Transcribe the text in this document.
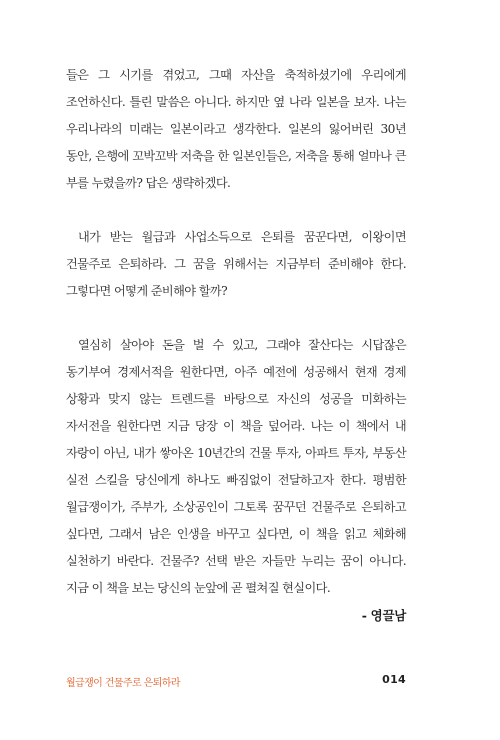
들은 그 시기를 겪었고, 그때 자산을 축적하셨기에 우리에게 조언하신다. 틀린 말씀은 아니다. 하지만 옆 나라 일본을 보자. 나는 우리나라의 미래는 일본이라고 생각한다. 일본의 잃어버린 30년 동안, 은행에 꼬박꼬박 저축을 한 일본인들은, 저축을 통해 얼마나 큰 부를 누렸을까? 답은 생략하겠다.

내가 받는 월급과 사업소득으로 은퇴를 꿈꾼다면, 이왕이면 건물주로 은퇴하라. 그 꿈을 위해서는 지금부터 준비해야 한다. 그렇다면 어떻게 준비해야 할까?

열심히 살아야 돈을 벌 수 있고, 그래야 잘산다는 시답잖은 동기부여 경제서적을 원한다면, 아주 예전에 성공해서 현재 경제 상황과 맞지 않는 트렌드를 바탕으로 자신의 성공을 미화하는 자서전을 원한다면 지금 당장 이 책을 덮어라. 나는 이 책에서 내 자랑이 아닌, 내가 쌓아온 10년간의 건물 투자, 아파트 투자, 부동산 실전 스킬을 당신에게 하나도 빠짐없이 전달하고자 한다. 평범한 월급쟁이가, 주부가, 소상공인이 그토록 꿈꾸던 건물주로 은퇴하고 싶다면, 그래서 남은 인생을 바꾸고 싶다면, 이 책을 읽고 체화해 실천하기 바란다. 건물주? 선택 받은 자들만 누리는 꿈이 아니다. 지금 이 책을 보는 당신의 눈앞에 곧 펼쳐질 현실이다.

- 영끌남
월급쟁이 건물주로 은퇴하라	014
